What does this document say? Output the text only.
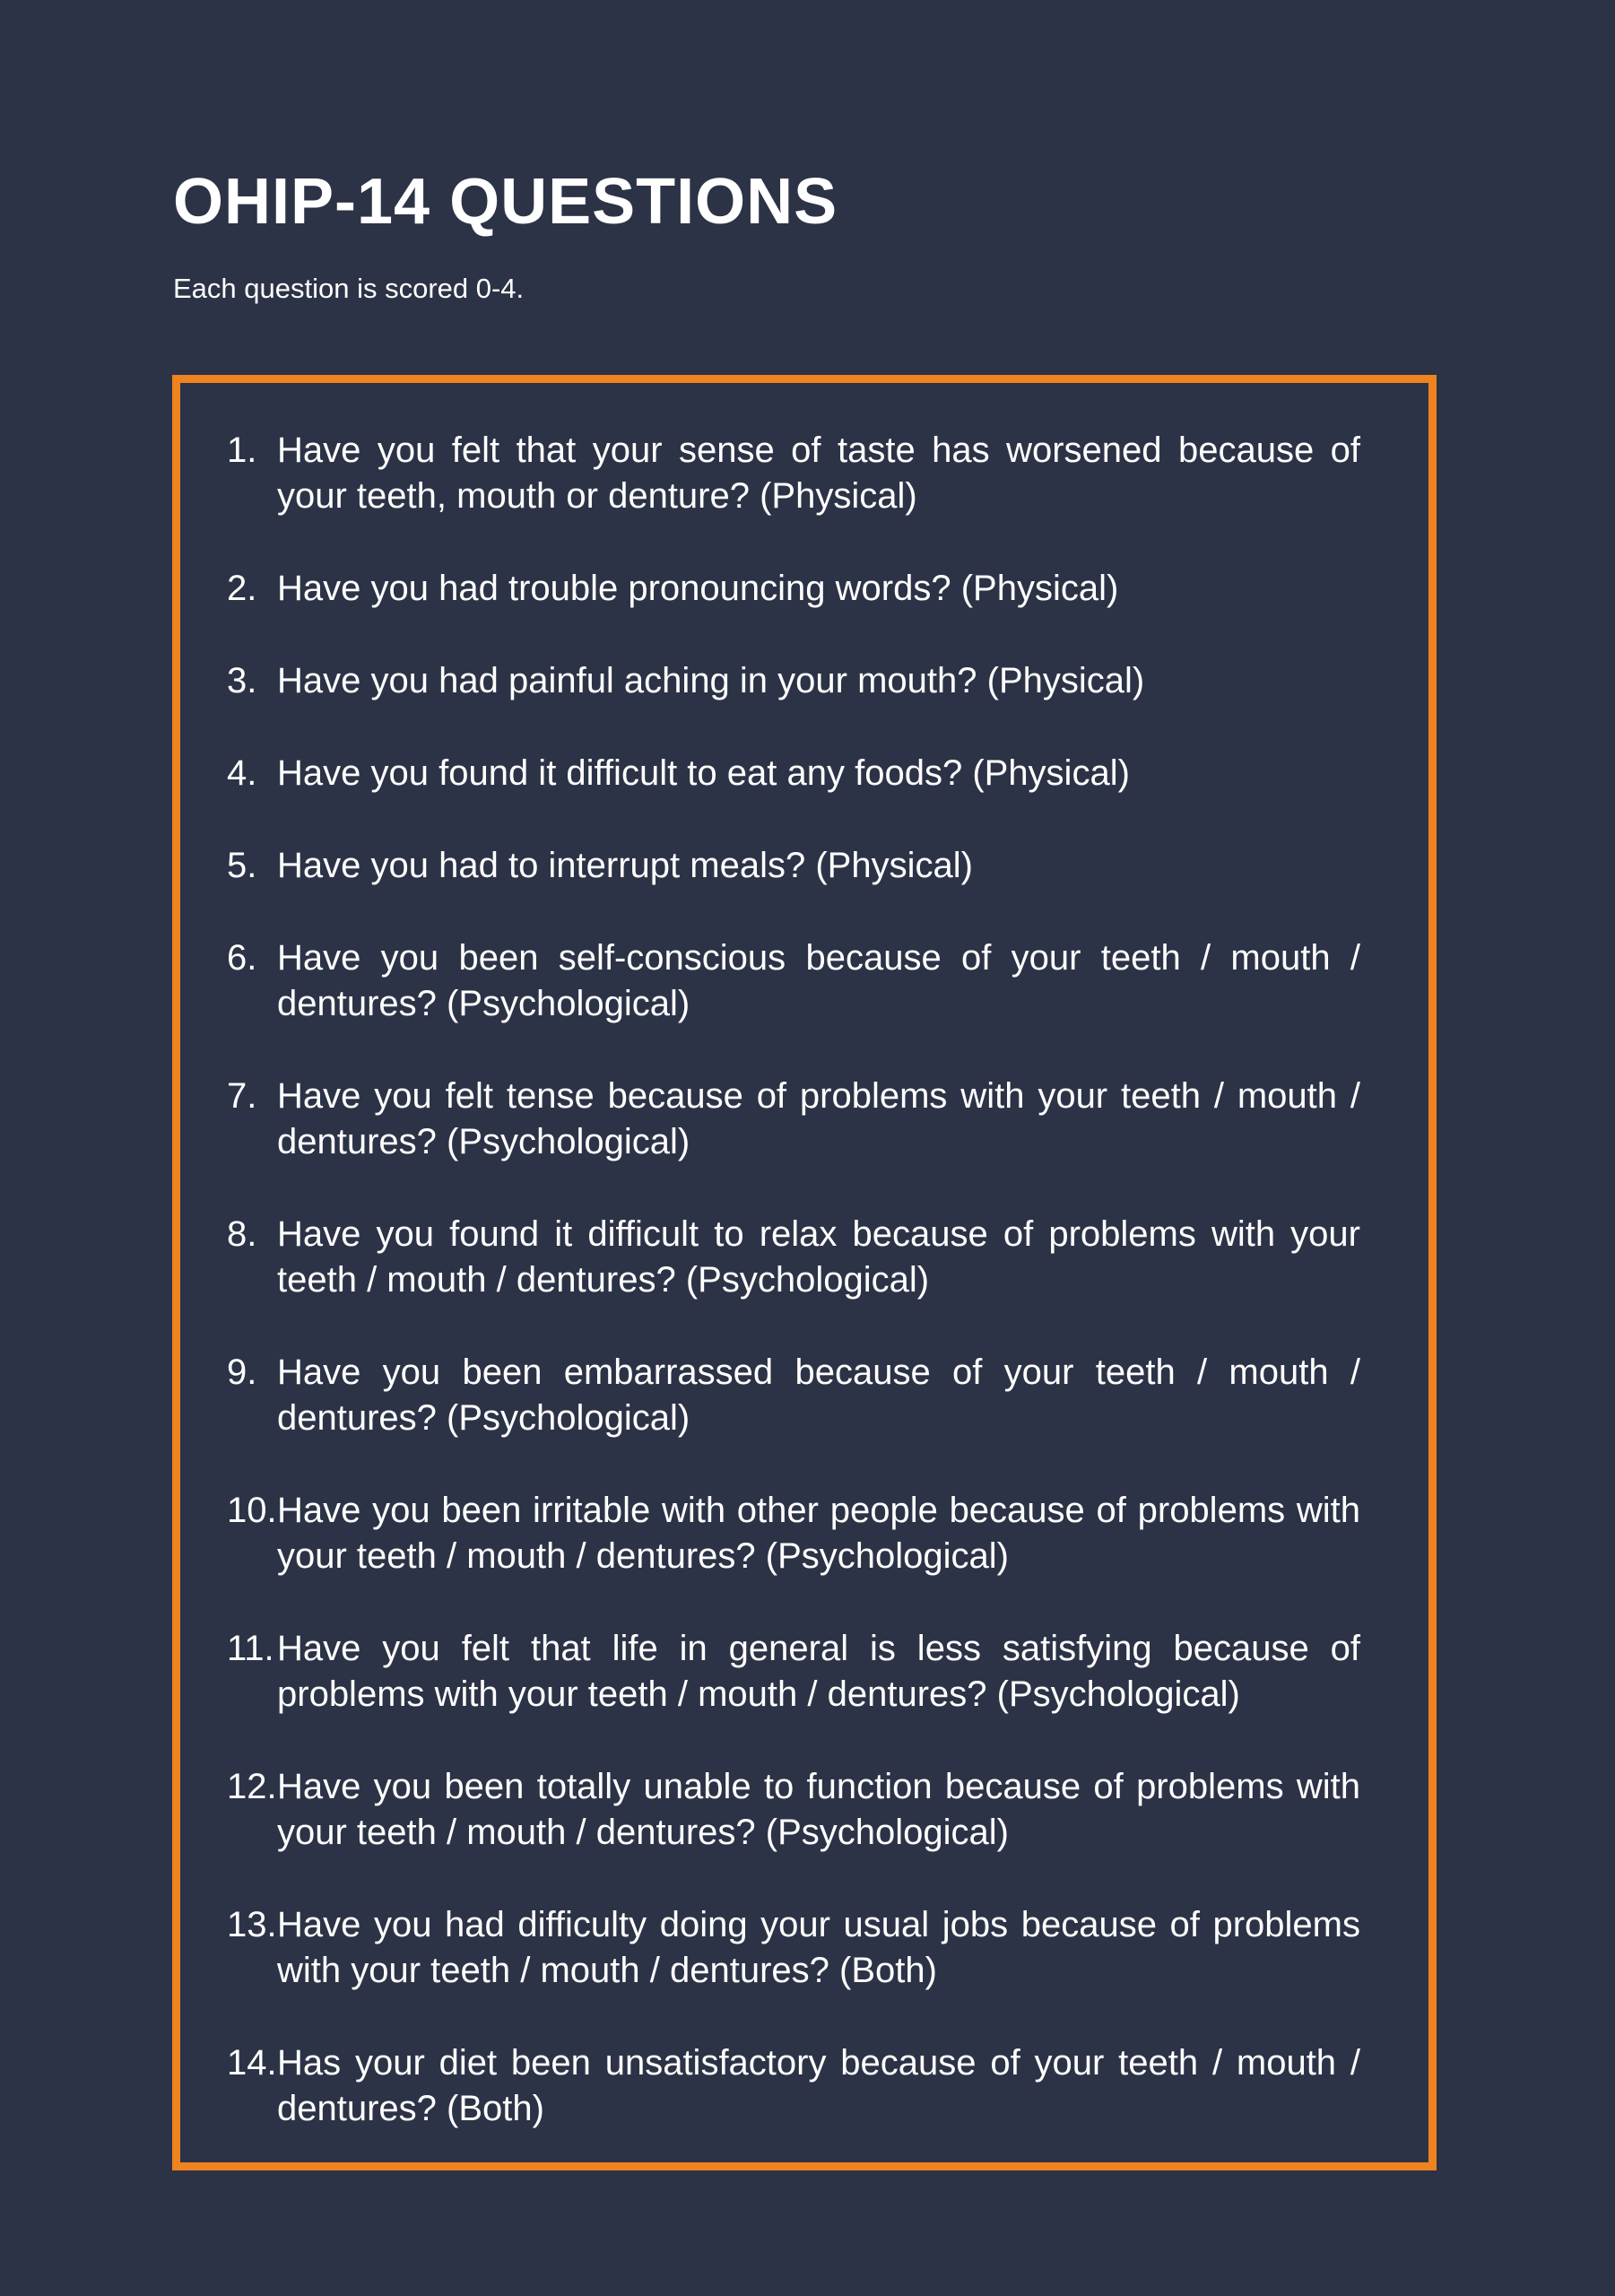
OHIP-14 QUESTIONS

Each question is scored 0-4.

1. Have you felt that your sense of taste has worsened because of your teeth, mouth or denture? (Physical)
2. Have you had trouble pronouncing words? (Physical)
3. Have you had painful aching in your mouth? (Physical)
4. Have you found it difficult to eat any foods? (Physical)
5. Have you had to interrupt meals? (Physical)
6. Have you been self-conscious because of your teeth / mouth / dentures? (Psychological)
7. Have you felt tense because of problems with your teeth / mouth / dentures? (Psychological)
8. Have you found it difficult to relax because of problems with your teeth / mouth / dentures? (Psychological)
9. Have you been embarrassed because of your teeth / mouth / dentures? (Psychological)
10. Have you been irritable with other people because of problems with your teeth / mouth / dentures? (Psychological)
11. Have you felt that life in general is less satisfying because of problems with your teeth / mouth / dentures? (Psychological)
12. Have you been totally unable to function because of problems with your teeth / mouth / dentures? (Psychological)
13. Have you had difficulty doing your usual jobs because of problems with your teeth / mouth / dentures? (Both)
14. Has your diet been unsatisfactory because of your teeth / mouth / dentures? (Both)
